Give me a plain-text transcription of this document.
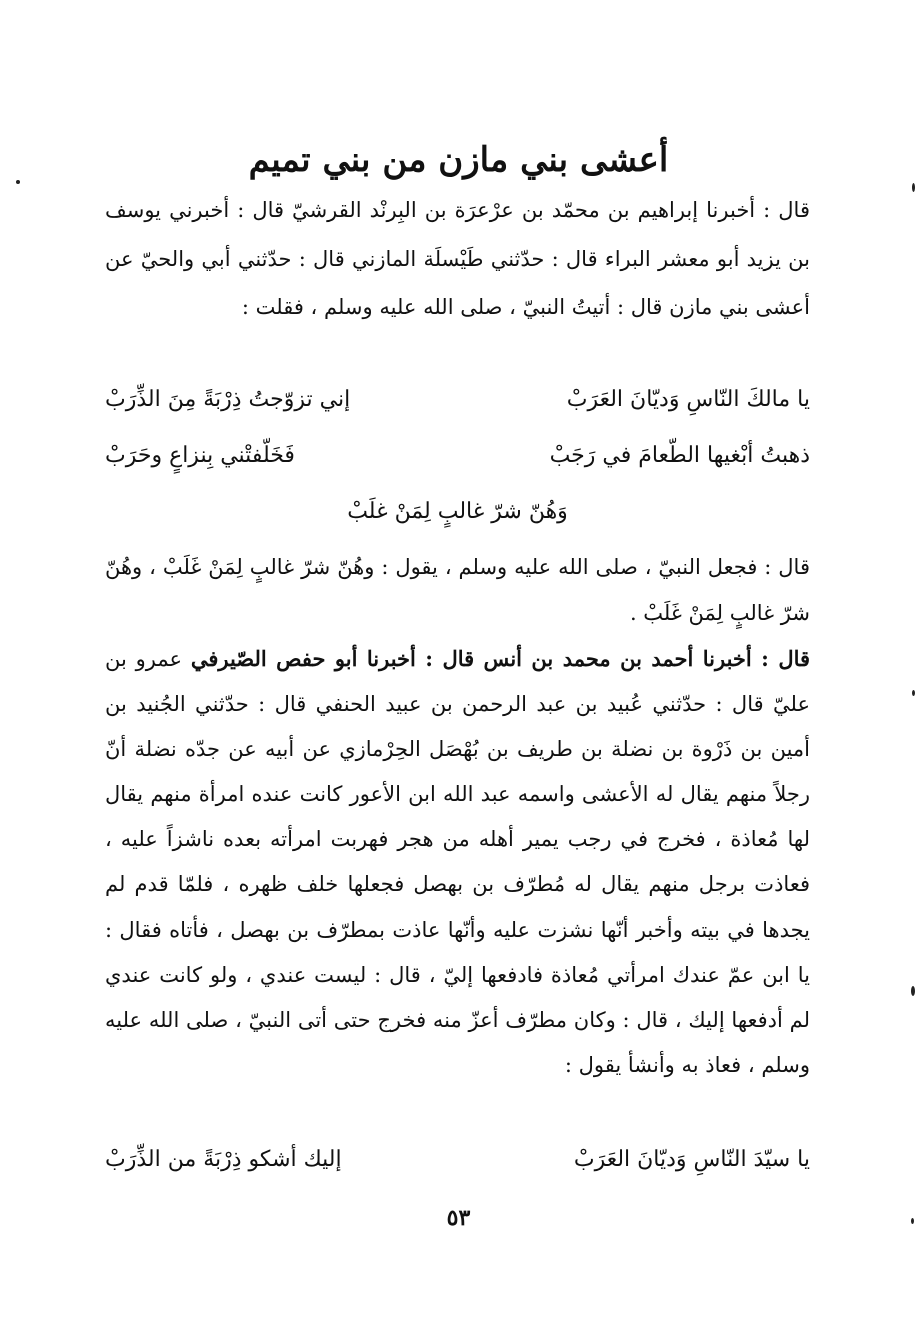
أعشى بني مازن من بني تميم

قال : أخبرنا إبراهيم بن محمّد بن عرْعرَة بن البِرنْد القرشيّ قال : أخبرني يوسف بن يزيد أبو معشر البراء قال : حدّثني طَيْسلَة المازني قال : حدّثني أبي والحيّ عن أعشى بني مازن قال : أتيتُ النبيّ ، صلى الله عليه وسلم ، فقلت :

يا مالكَ النّاسِ وَديّانَ العَرَبْ
إني تزوّجتُ ذِرْبَةً مِنَ الذِّرَبْ
ذهبتُ أبْغيها الطّعامَ في رَجَبْ
فَخَلّفتْني بِنزاعٍ وحَرَبْ
وَهُنّ شرّ غالبٍ لِمَنْ غلَبْ

قال : فجعل النبيّ ، صلى الله عليه وسلم ، يقول : وهُنّ شرّ غالبٍ لِمَنْ غَلَبْ ، وهُنّ شرّ غالبٍ لِمَنْ غَلَبْ .

قال : أخبرنا أحمد بن محمد بن أنس قال : أخبرنا أبو حفص الصّيرفي عمرو بن عليّ قال : حدّثني عُبيد بن عبد الرحمن بن عبيد الحنفي قال : حدّثني الجُنيد بن أمين بن ذَرْوة بن نضلة بن طريف بن بُهْصَل الحِرْمازي عن أبيه عن جدّه نضلة أنّ رجلاً منهم يقال له الأعشى واسمه عبد الله ابن الأعور كانت عنده امرأة منهم يقال لها مُعاذة ، فخرج في رجب يمير أهله من هجر فهربت امرأته بعده ناشزاً عليه ، فعاذت برجل منهم يقال له مُطرّف بن بهصل فجعلها خلف ظهره ، فلمّا قدم لم يجدها في بيته وأخبر أنّها نشزت عليه وأنّها عاذت بمطرّف بن بهصل ، فأتاه فقال : يا ابن عمّ عندك امرأتي مُعاذة فادفعها إليّ ، قال : ليست عندي ، ولو كانت عندي لم أدفعها إليك ، قال : وكان مطرّف أعزّ منه فخرج حتى أتى النبيّ ، صلى الله عليه وسلم ، فعاذ به وأنشأ يقول :

يا سيّدَ النّاسِ وَديّانَ العَرَبْ
إليك أشكو ذِرْبَةً من الذِّرَبْ
٥٣
